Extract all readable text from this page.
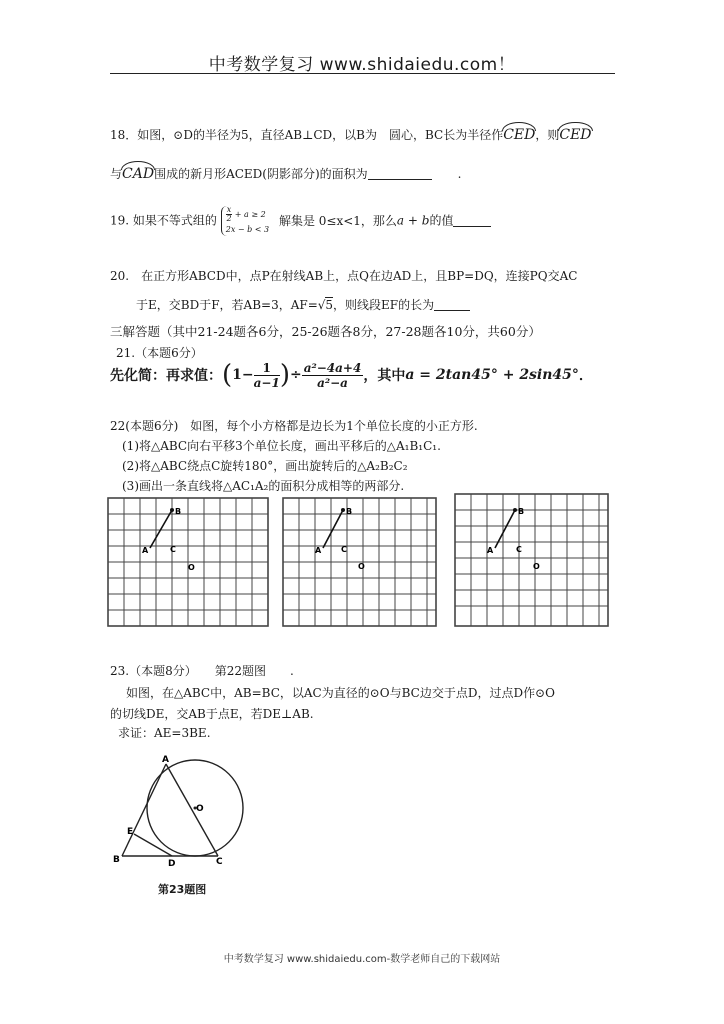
中考数学复习 www.shidaiedu.com！
18．如图，⊙D的半径为5，直径AB⊥CD，以B为　圆心，BC长为半径作CED，则CED
与CAD围成的新月形ACED(阴影部分)的面积为	.
19. 如果不等式组的 $\frac{x}{2} + a \ge 2$
2x − b < 3 解集是 0≤x<1，那么a + b的值
20.　在正方形ABCD中，点P在射线AB上，点Q在边AD上，且BP=DQ，连接PQ交AC
于E，交BD于F，若AB=3，AF=√5，则线段EF的长为
三解答题（其中21-24题各6分，25-26题各8分，27-28题各10分，共60分）
21.（本题6分）
先化简：再求值：($1- \frac{1}{a-1}$ )÷ $\frac{\text{a²−4a+4}}{\text{a²−a}}$ ，其中a = 2tan45° + 2sin45°．
22(本题6分)　如图，每个小方格都是边长为1个单位长度的小正方形.
(1)将△ABC向右平移3个单位长度，画出平移后的△A₁B₁C₁.
(2)将△ABC绕点C旋转180°，画出旋转后的△A₂B₂C₂
(3)画出一条直线将△AC₁A₂的面积分成相等的两部分.
B
A	C
O
B
A C
O
B
A	C
O
23.（本题8分）　　第22题图　　.
如图，在△ABC中，AB=BC，以AC为直径的⊙O与BC边交于点D，过点D作⊙O
的切线DE，交AB于点E，若DE⊥AB.
求证：AE=3BE.
A
E
B	D	C
O
第23题图
中考数学复习 www.shidaiedu.com-数学老师自己的下载网站
